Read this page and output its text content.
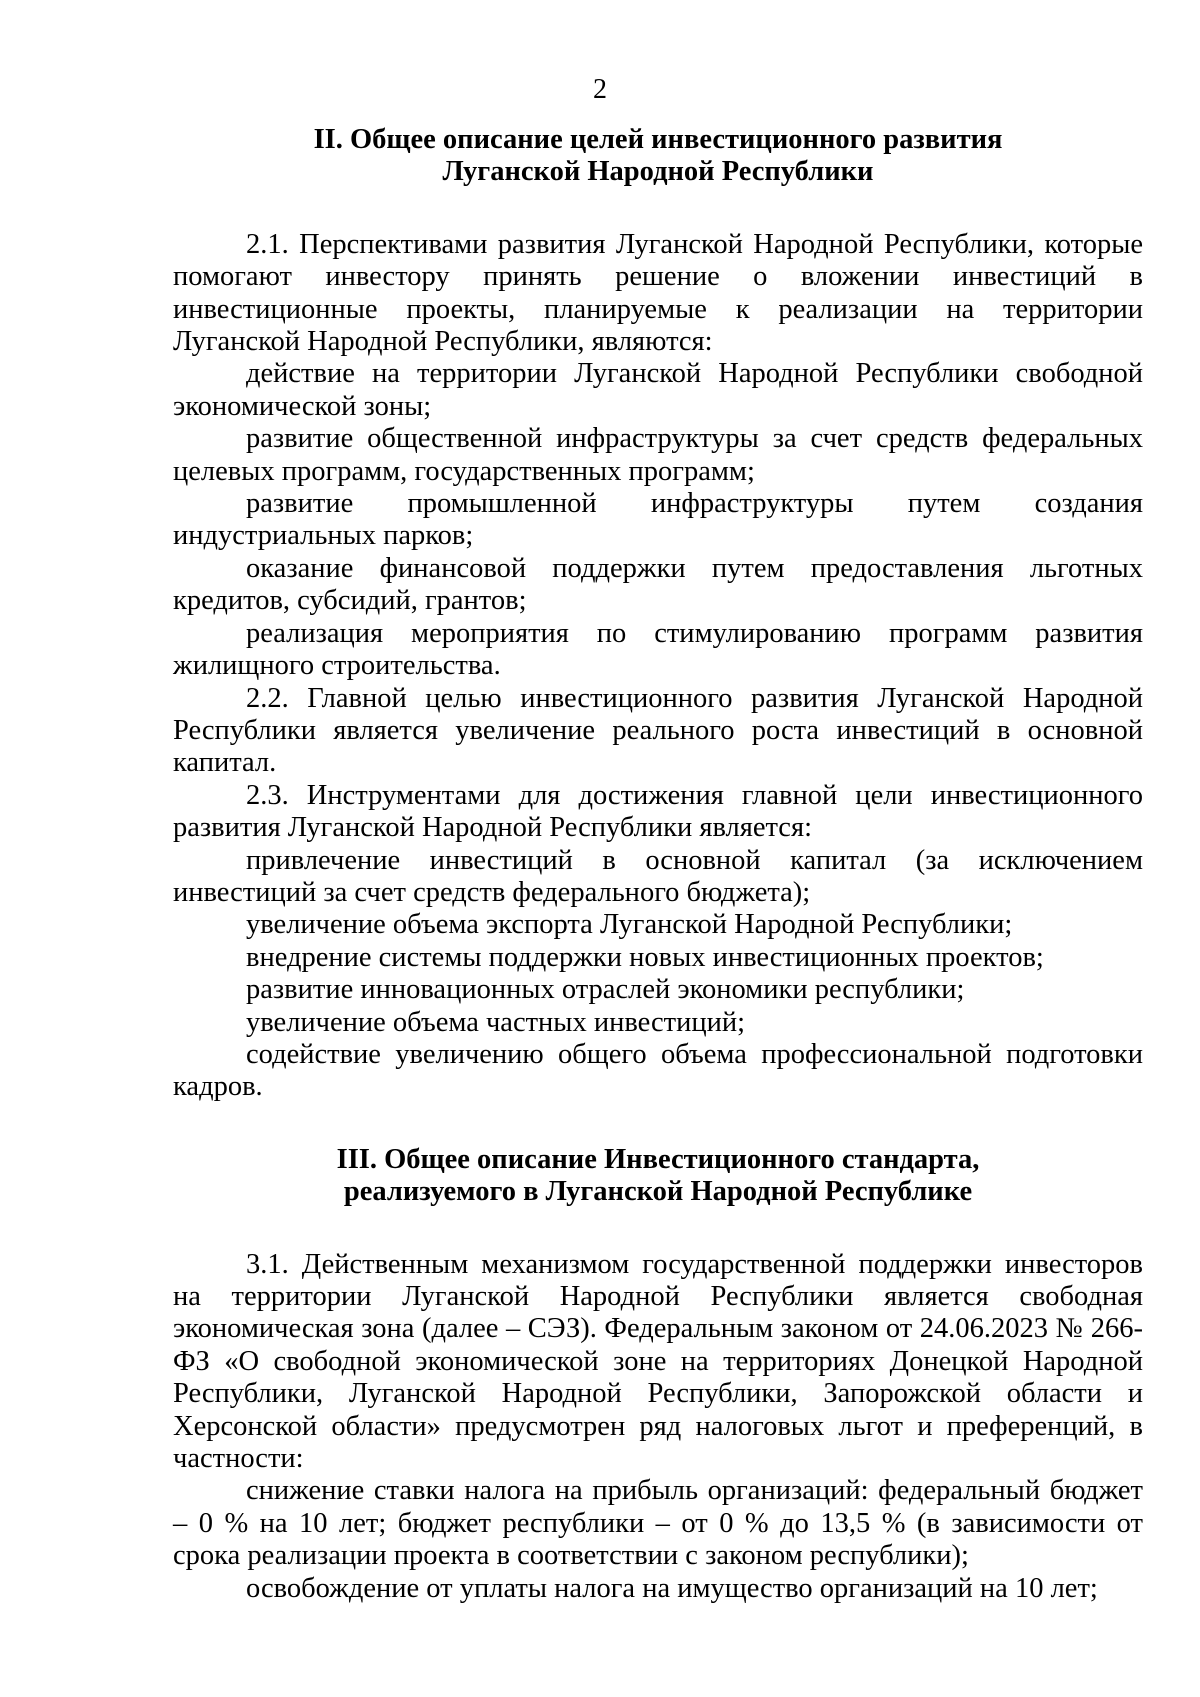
2
II. Общее описание целей инвестиционного развития
Луганской Народной Республики

2.1. Перспективами развития Луганской Народной Республики, которые помогают инвестору принять решение о вложении инвестиций в инвестиционные проекты, планируемые к реализации на территории Луганской Народной Республики, являются:

действие на территории Луганской Народной Республики свободной экономической зоны;

развитие общественной инфраструктуры за счет средств федеральных целевых программ, государственных программ;

развитие промышленной инфраструктуры путем создания индустриальных парков;

оказание финансовой поддержки путем предоставления льготных кредитов, субсидий, грантов;

реализация мероприятия по стимулированию программ развития жилищного строительства.

2.2. Главной целью инвестиционного развития Луганской Народной Республики является увеличение реального роста инвестиций в основной капитал.

2.3. Инструментами для достижения главной цели инвестиционного развития Луганской Народной Республики является:

привлечение инвестиций в основной капитал (за исключением инвестиций за счет средств федерального бюджета);

увеличение объема экспорта Луганской Народной Республики;

внедрение системы поддержки новых инвестиционных проектов;

развитие инновационных отраслей экономики республики;

увеличение объема частных инвестиций;

содействие увеличению общего объема профессиональной подготовки кадров.

III. Общее описание Инвестиционного стандарта,
реализуемого в Луганской Народной Республике

3.1. Действенным механизмом государственной поддержки инвесторов на территории Луганской Народной Республики является свободная экономическая зона (далее – СЭЗ). Федеральным законом от 24.06.2023 № 266-ФЗ «О свободной экономической зоне на территориях Донецкой Народной Республики, Луганской Народной Республики, Запорожской области и Херсонской области» предусмотрен ряд налоговых льгот и преференций, в частности:

снижение ставки налога на прибыль организаций: федеральный бюджет – 0 % на 10 лет; бюджет республики – от 0 % до 13,5 % (в зависимости от срока реализации проекта в соответствии с законом республики);

освобождение от уплаты налога на имущество организаций на 10 лет;
